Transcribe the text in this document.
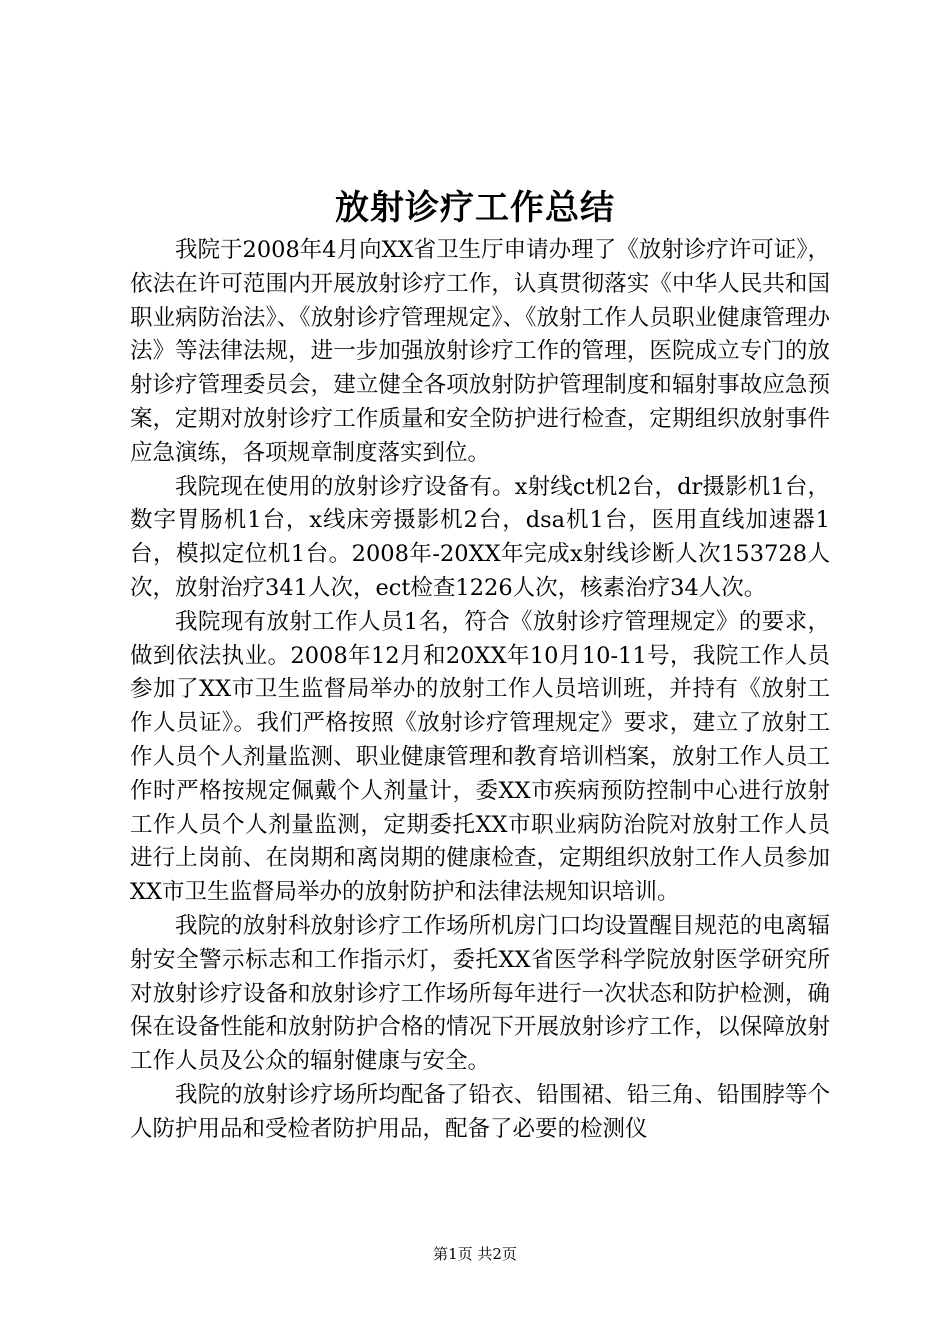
放射诊疗工作总结

我院于2008年4月向XX省卫生厅申请办理了《放射诊疗许可证》，依法在许可范围内开展放射诊疗工作，认真贯彻落实《中华人民共和国职业病防治法》、《放射诊疗管理规定》、《放射工作人员职业健康管理办法》等法律法规，进一步加强放射诊疗工作的管理，医院成立专门的放射诊疗管理委员会，建立健全各项放射防护管理制度和辐射事故应急预案，定期对放射诊疗工作质量和安全防护进行检查，定期组织放射事件应急演练，各项规章制度落实到位。

我院现在使用的放射诊疗设备有。x射线ct机2台，dr摄影机1台，数字胃肠机1台，x线床旁摄影机2台，dsa机1台，医用直线加速器1台，模拟定位机1台。2008年-20XX年完成x射线诊断人次153728人次，放射治疗341人次，ect检查1226人次，核素治疗34人次。

我院现有放射工作人员1名，符合《放射诊疗管理规定》的要求，做到依法执业。2008年12月和20XX年10月10-11号，我院工作人员参加了XX市卫生监督局举办的放射工作人员培训班，并持有《放射工作人员证》。我们严格按照《放射诊疗管理规定》要求，建立了放射工作人员个人剂量监测、职业健康管理和教育培训档案，放射工作人员工作时严格按规定佩戴个人剂量计，委XX市疾病预防控制中心进行放射工作人员个人剂量监测，定期委托XX市职业病防治院对放射工作人员进行上岗前、在岗期和离岗期的健康检查，定期组织放射工作人员参加XX市卫生监督局举办的放射防护和法律法规知识培训。

我院的放射科放射诊疗工作场所机房门口均设置醒目规范的电离辐射安全警示标志和工作指示灯，委托XX省医学科学院放射医学研究所对放射诊疗设备和放射诊疗工作场所每年进行一次状态和防护检测，确保在设备性能和放射防护合格的情况下开展放射诊疗工作，以保障放射工作人员及公众的辐射健康与安全。

我院的放射诊疗场所均配备了铅衣、铅围裙、铅三角、铅围脖等个人防护用品和受检者防护用品，配备了必要的检测仪

第1页 共2页
